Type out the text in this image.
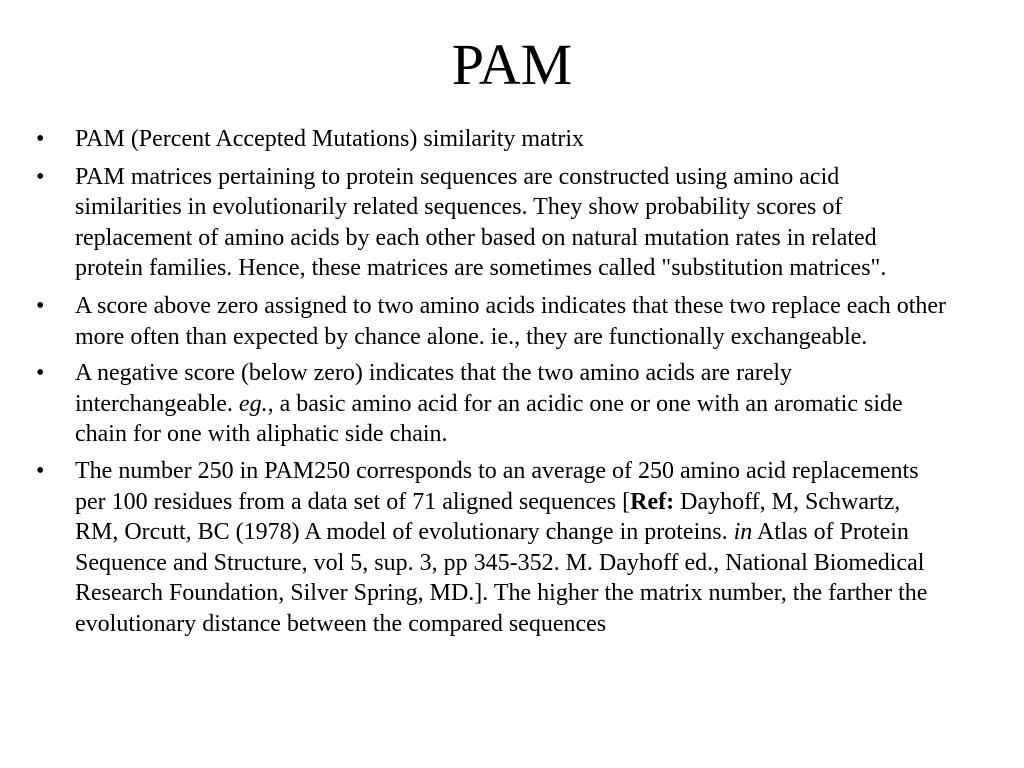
PAM
•	PAM (Percent Accepted Mutations) similarity matrix
•	PAM matrices pertaining to protein sequences are constructed using amino acid similarities in evolutionarily related sequences. They show probability scores of replacement of amino acids by each other based on natural mutation rates in related protein families. Hence, these matrices are sometimes called "substitution matrices".
•	A score above zero assigned to two amino acids indicates that these two replace each other more often than expected by chance alone. ie., they are functionally exchangeable.
•	A negative score (below zero) indicates that the two amino acids are rarely interchangeable. eg., a basic amino acid for an acidic one or one with an aromatic side chain for one with aliphatic side chain.
•	The number 250 in PAM250 corresponds to an average of 250 amino acid replacements per 100 residues from a data set of 71 aligned sequences [Ref: Dayhoff, M, Schwartz, RM, Orcutt, BC (1978) A model of evolutionary change in proteins. in Atlas of Protein Sequence and Structure, vol 5, sup. 3, pp 345-352. M. Dayhoff ed., National Biomedical Research Foundation, Silver Spring, MD.]. The higher the matrix number, the farther the evolutionary distance between the compared sequences
